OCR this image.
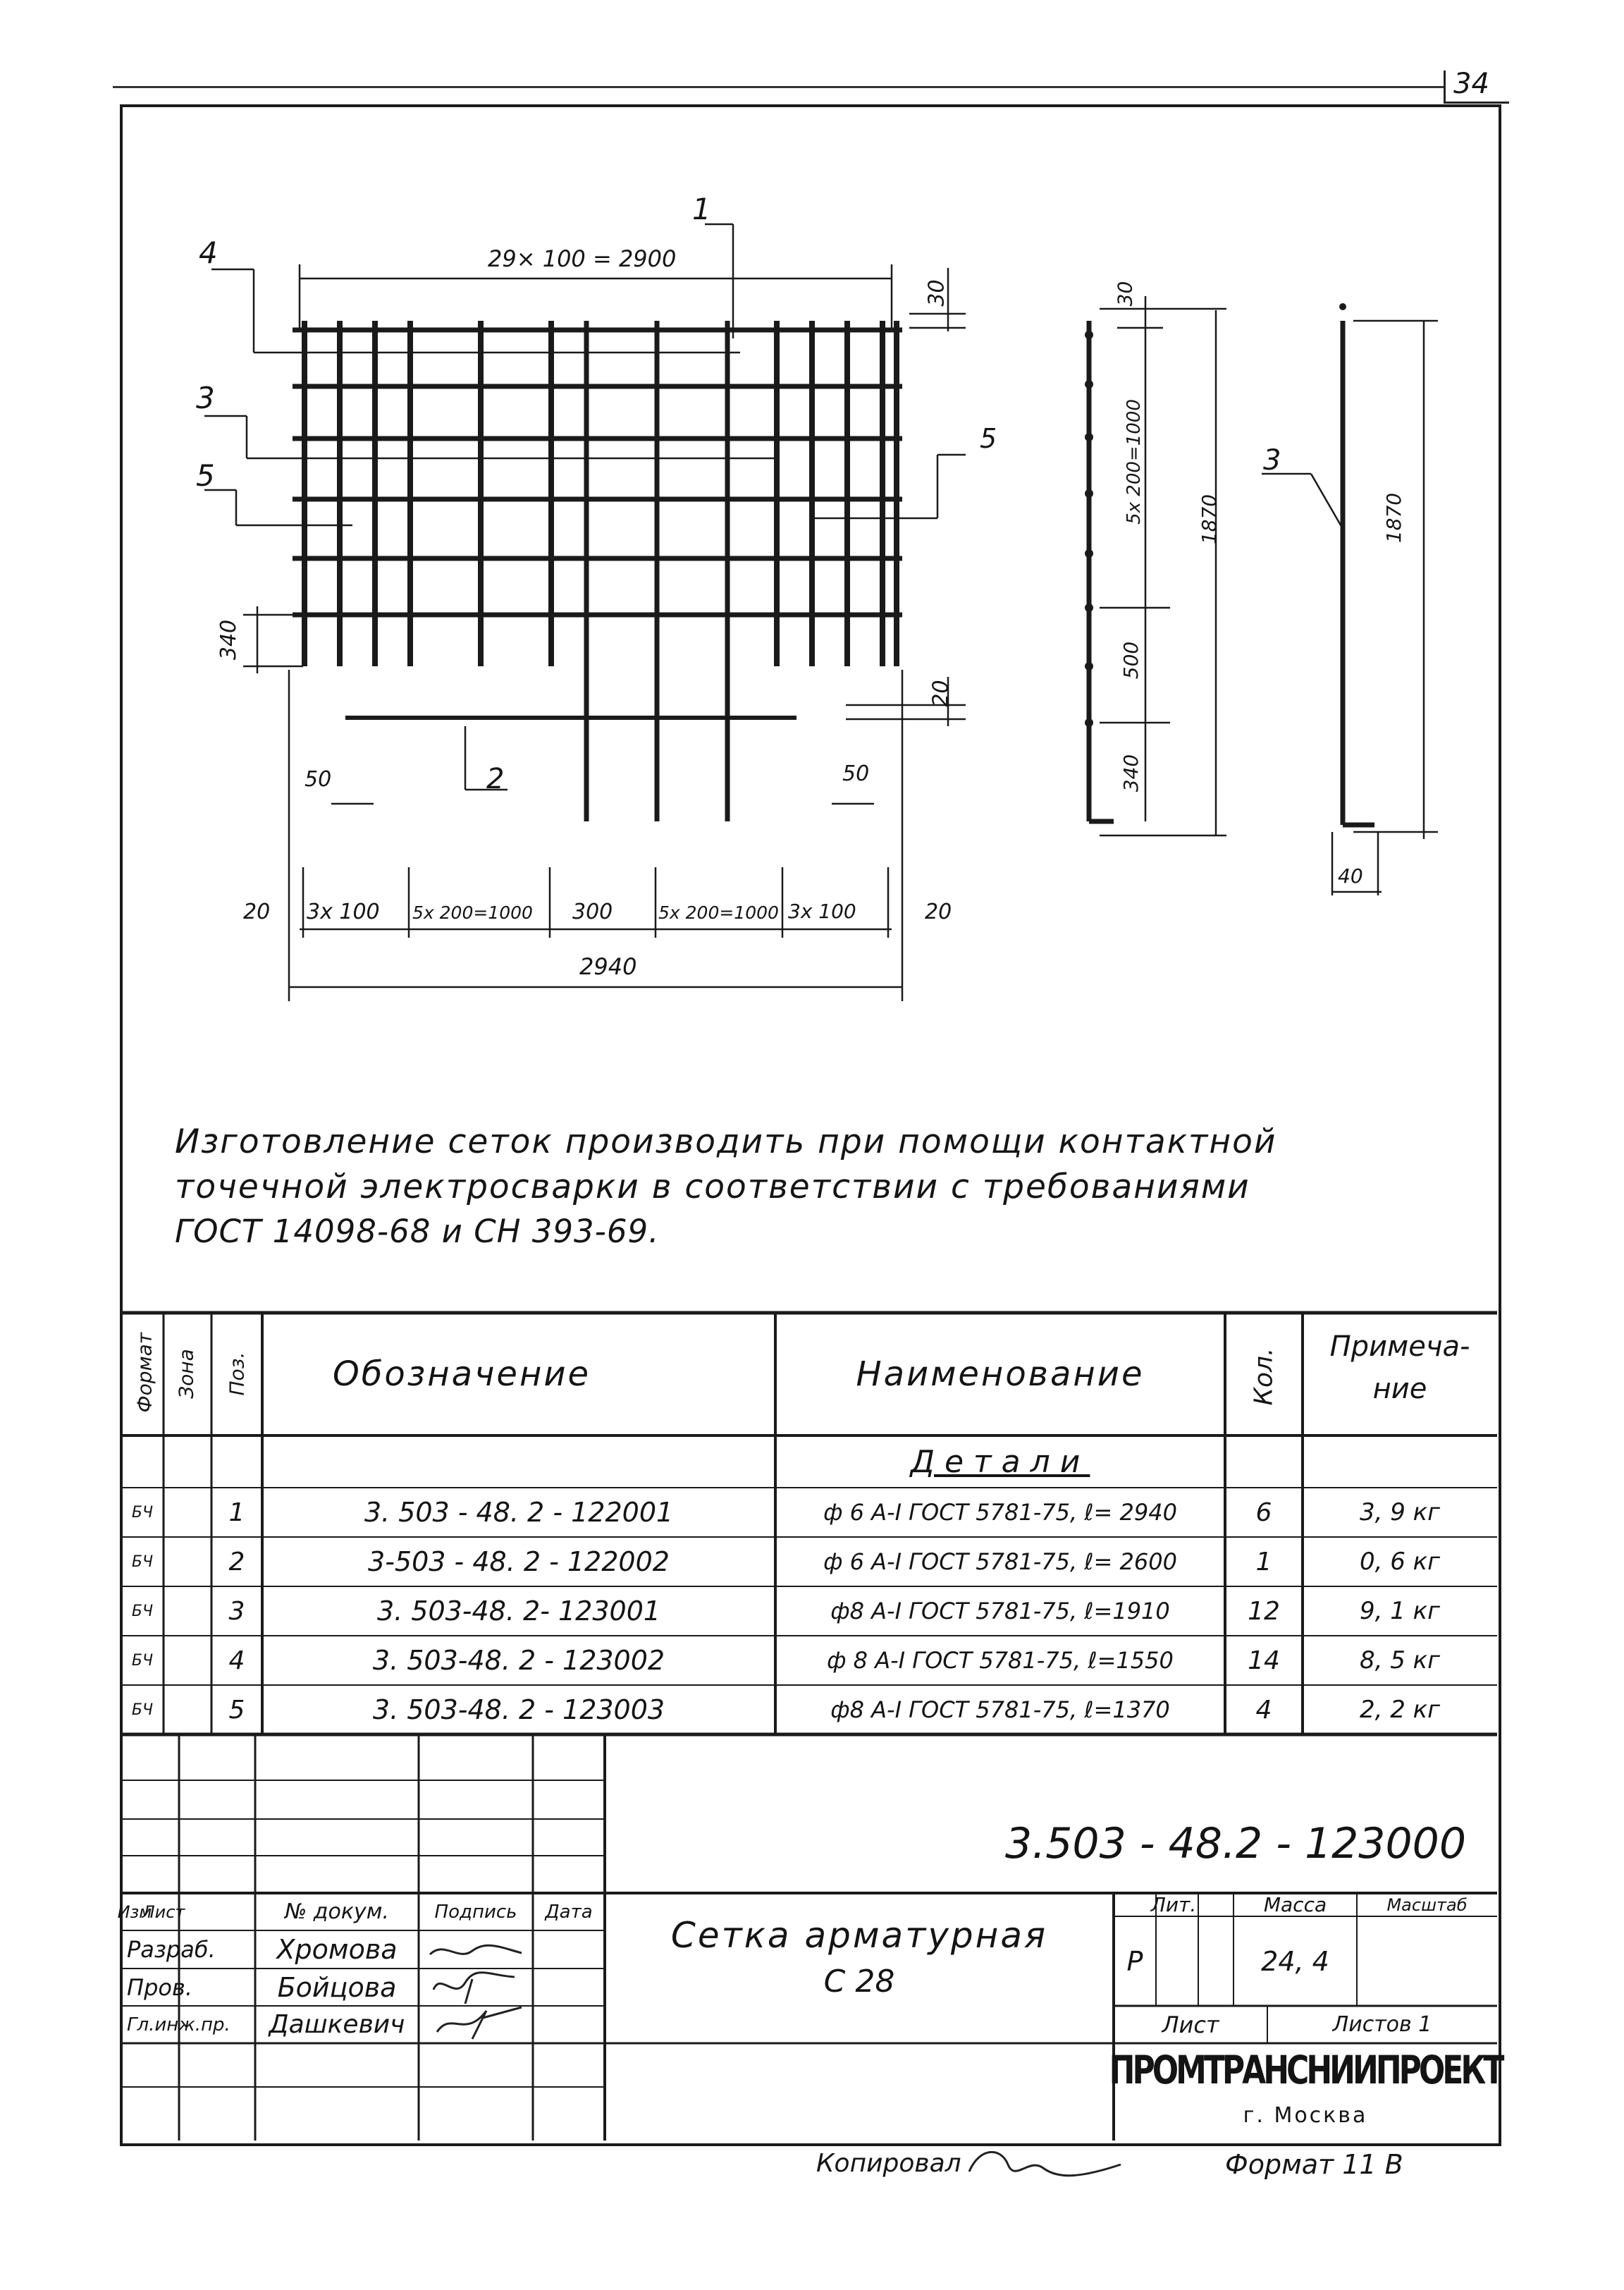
34
29× 100 = 2900
30
4
1
3
5
5
340
20
50	2	50
20 3x 100 5x 200=1000 300	5x 200=1000 3x 100	20
2940
30
5x 200=1000	1870
500
340
3
1870
40
Изготовление сеток производить при помощи контактной
точечной электросварки в соответствии с требованиями
ГОСТ 14098-68 и СН 393-69.
Формат Зона Поз.	Обозначение	Наименование	Кол.
Примеча-
ние
Детали
БЧ	1	3. 503 - 48. 2 - 122001	ф 6 А-I ГОСТ 5781-75, ℓ= 2940	6	3, 9 кг
БЧ	2	3-503 - 48. 2 - 122002	ф 6 А-I ГОСТ 5781-75, ℓ= 2600	1	0, 6 кг
БЧ	3	3. 503-48. 2- 123001	ф8 А-I ГОСТ 5781-75, ℓ=1910	12	9, 1 кг
БЧ	4	3. 503-48. 2 - 123002	ф 8 А-I ГОСТ 5781-75, ℓ=1550	14	8, 5 кг
БЧ	5	3. 503-48. 2 - 123003	ф8 А-I ГОСТ 5781-75, ℓ=1370	4	2, 2 кг
3.503 - 48.2 - 123000
Изм
Лист	№ докум.	Подпись	Дата
Разраб.	Хромова
Пров.	Бойцова
Гл.инж.пр.	Дашкевич
Сетка арматурная
С 28
Лит.	Масса	Масштаб
Р	24, 4
Лист	Листов 1
ПРОМТРАНСНИИПРОЕКТ
г. Москва
Копировал	Формат 11 В
